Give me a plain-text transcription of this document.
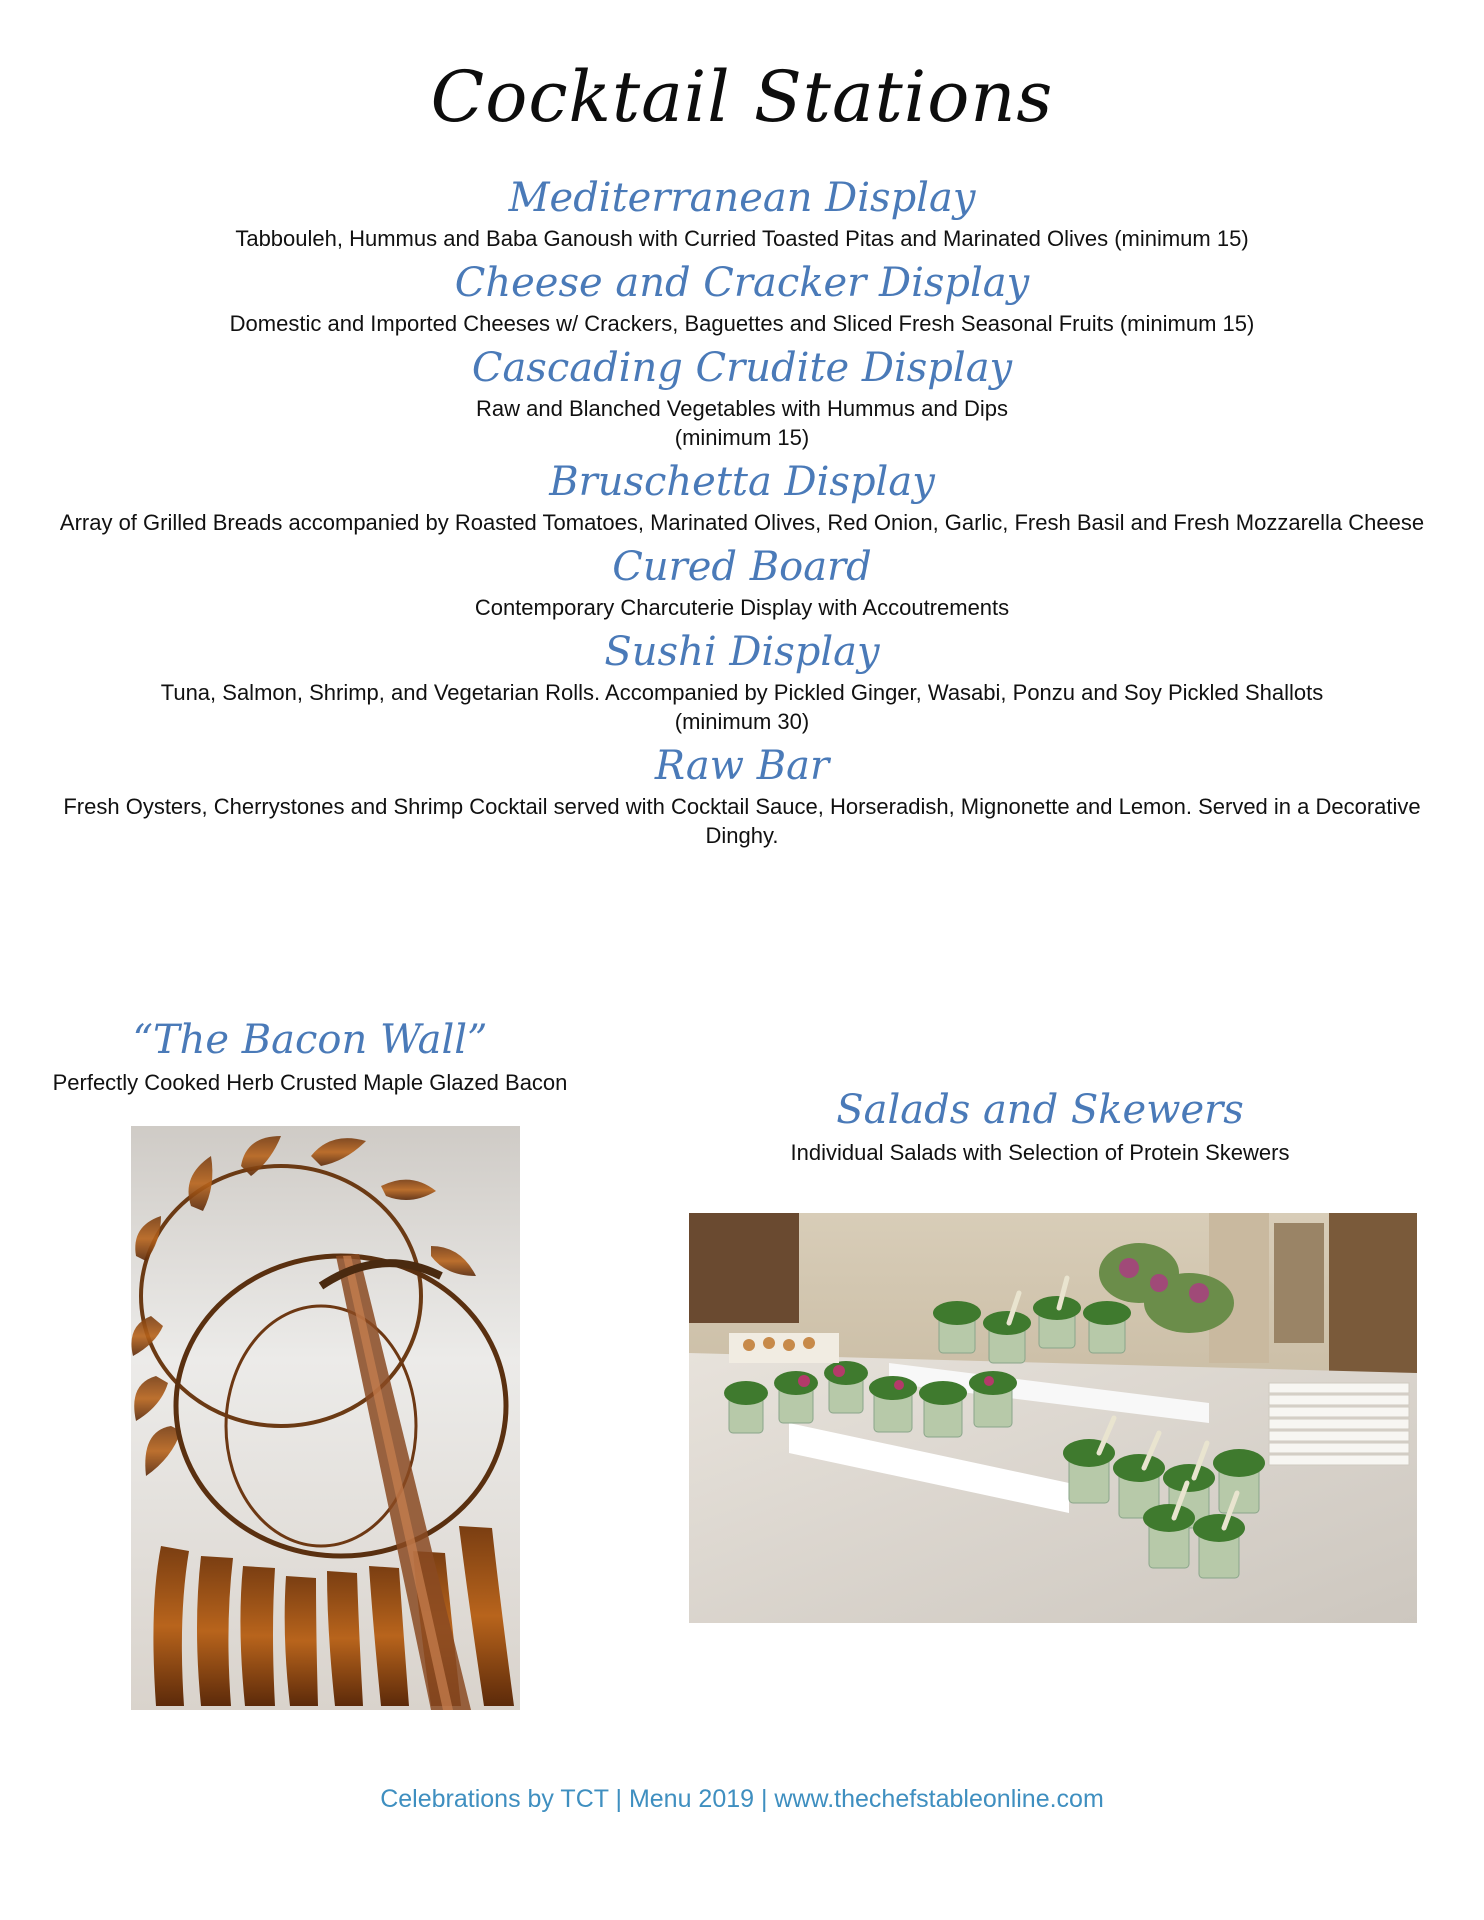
Cocktail Stations
Mediterranean Display

Tabbouleh, Hummus and Baba Ganoush with Curried Toasted Pitas and Marinated Olives (minimum 15)

Cheese and Cracker Display

Domestic and Imported Cheeses w/ Crackers, Baguettes and Sliced Fresh Seasonal Fruits (minimum 15)

Cascading Crudite Display

Raw and Blanched Vegetables with Hummus and Dips

(minimum 15)

Bruschetta Display

Array of Grilled Breads accompanied by Roasted Tomatoes, Marinated Olives, Red Onion, Garlic, Fresh Basil and Fresh Mozzarella Cheese

Cured Board

Contemporary Charcuterie Display with Accoutrements

Sushi Display

Tuna, Salmon, Shrimp, and Vegetarian Rolls. Accompanied by Pickled Ginger, Wasabi, Ponzu and Soy Pickled Shallots

(minimum 30)

Raw Bar

Fresh Oysters, Cherrystones and Shrimp Cocktail served with Cocktail Sauce, Horseradish, Mignonette and Lemon. Served in a Decorative Dinghy.

“The Bacon Wall”

Perfectly Cooked Herb Crusted Maple Glazed Bacon

Salads and Skewers

Individual Salads with Selection of Protein Skewers

Celebrations by TCT | Menu 2019 | www.thechefstableonline.com
